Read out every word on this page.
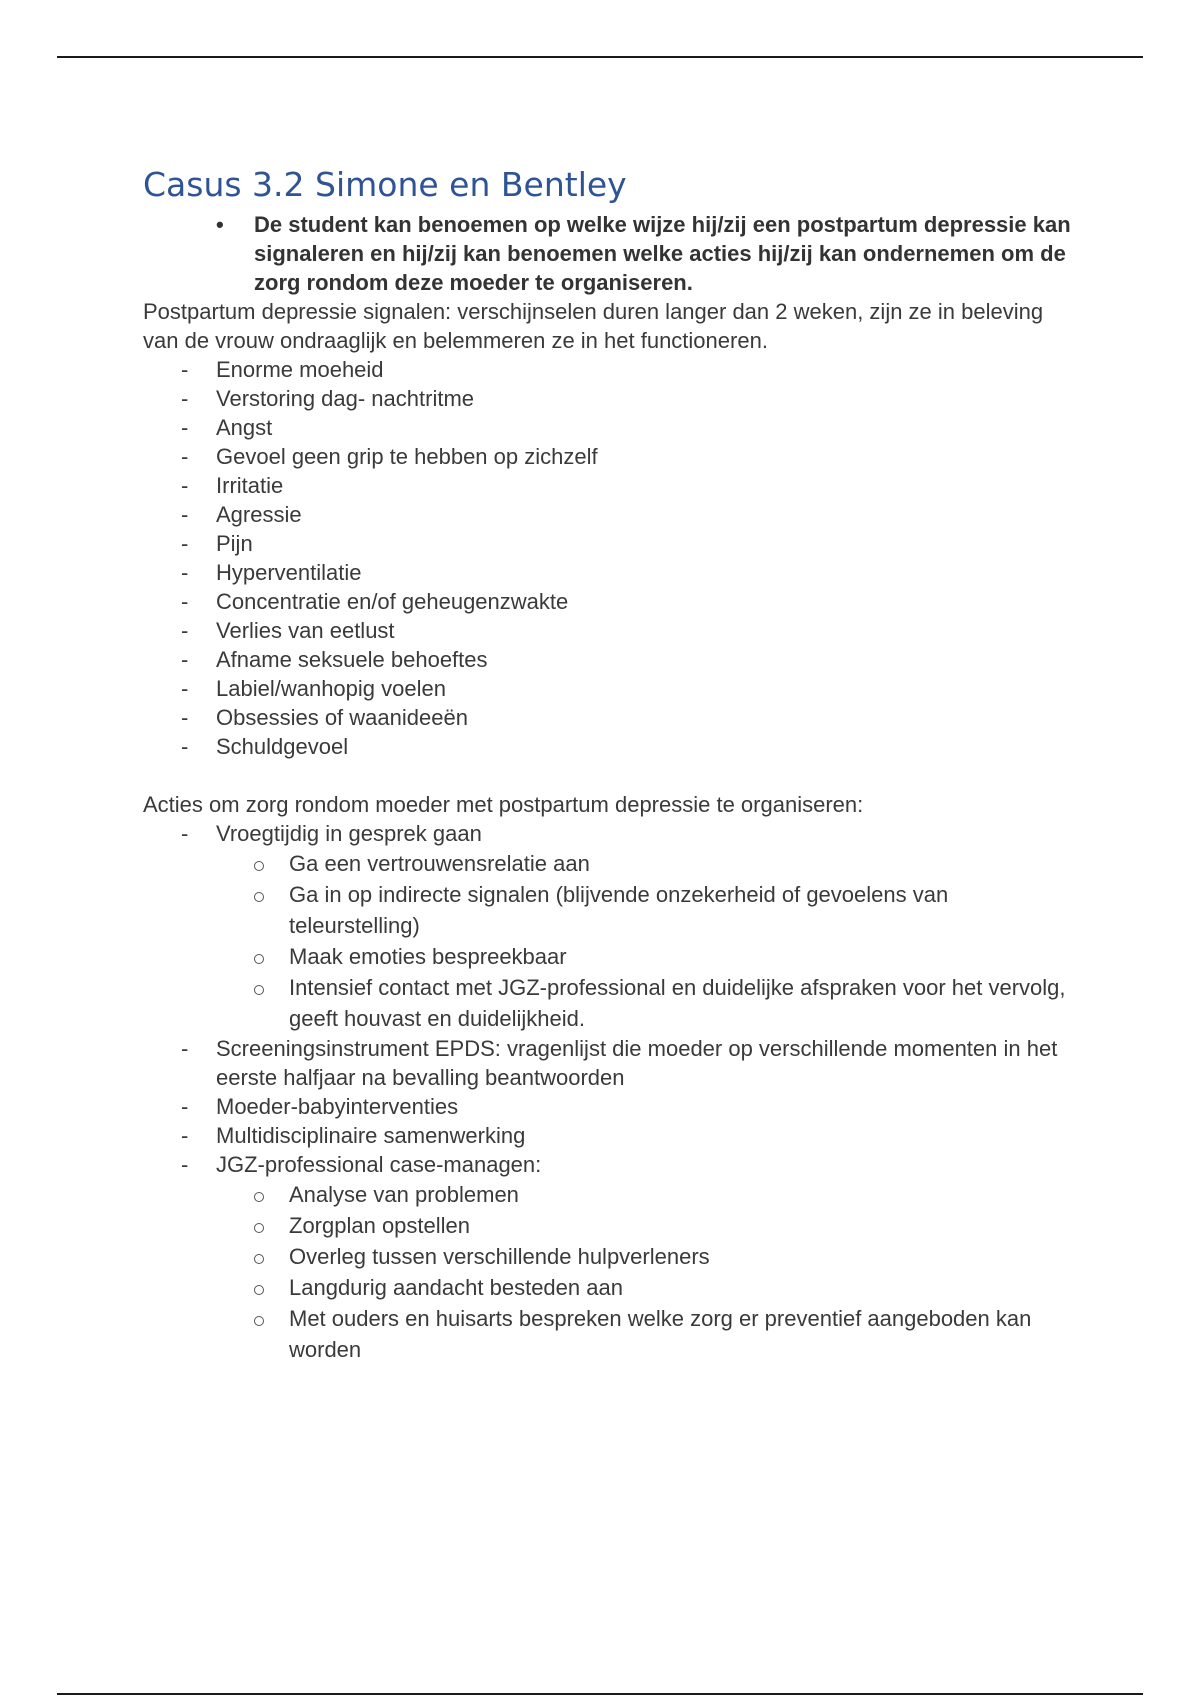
Casus 3.2 Simone en Bentley
• De student kan benoemen op welke wijze hij/zij een postpartum depressie kan signaleren en hij/zij kan benoemen welke acties hij/zij kan ondernemen om de zorg rondom deze moeder te organiseren.

Postpartum depressie signalen: verschijnselen duren langer dan 2 weken, zijn ze in beleving van de vrouw ondraaglijk en belemmeren ze in het functioneren.

- Enorme moeheid
- Verstoring dag- nachtritme
- Angst
- Gevoel geen grip te hebben op zichzelf
- Irritatie
- Agressie
- Pijn
- Hyperventilatie
- Concentratie en/of geheugenzwakte
- Verlies van eetlust
- Afname seksuele behoeftes
- Labiel/wanhopig voelen
- Obsessies of waanideeën
- Schuldgevoel

Acties om zorg rondom moeder met postpartum depressie te organiseren:

- Vroegtijdig in gesprek gaan
Ga een vertrouwensrelatie aan
Ga in op indirecte signalen (blijvende onzekerheid of gevoelens van teleurstelling)
Maak emoties bespreekbaar
Intensief contact met JGZ-professional en duidelijke afspraken voor het vervolg, geeft houvast en duidelijkheid.
- Screeningsinstrument EPDS: vragenlijst die moeder op verschillende momenten in het eerste halfjaar na bevalling beantwoorden
- Moeder-babyinterventies
- Multidisciplinaire samenwerking
- JGZ-professional case-managen:
Analyse van problemen
Zorgplan opstellen
Overleg tussen verschillende hulpverleners
Langdurig aandacht besteden aan
Met ouders en huisarts bespreken welke zorg er preventief aangeboden kan worden
